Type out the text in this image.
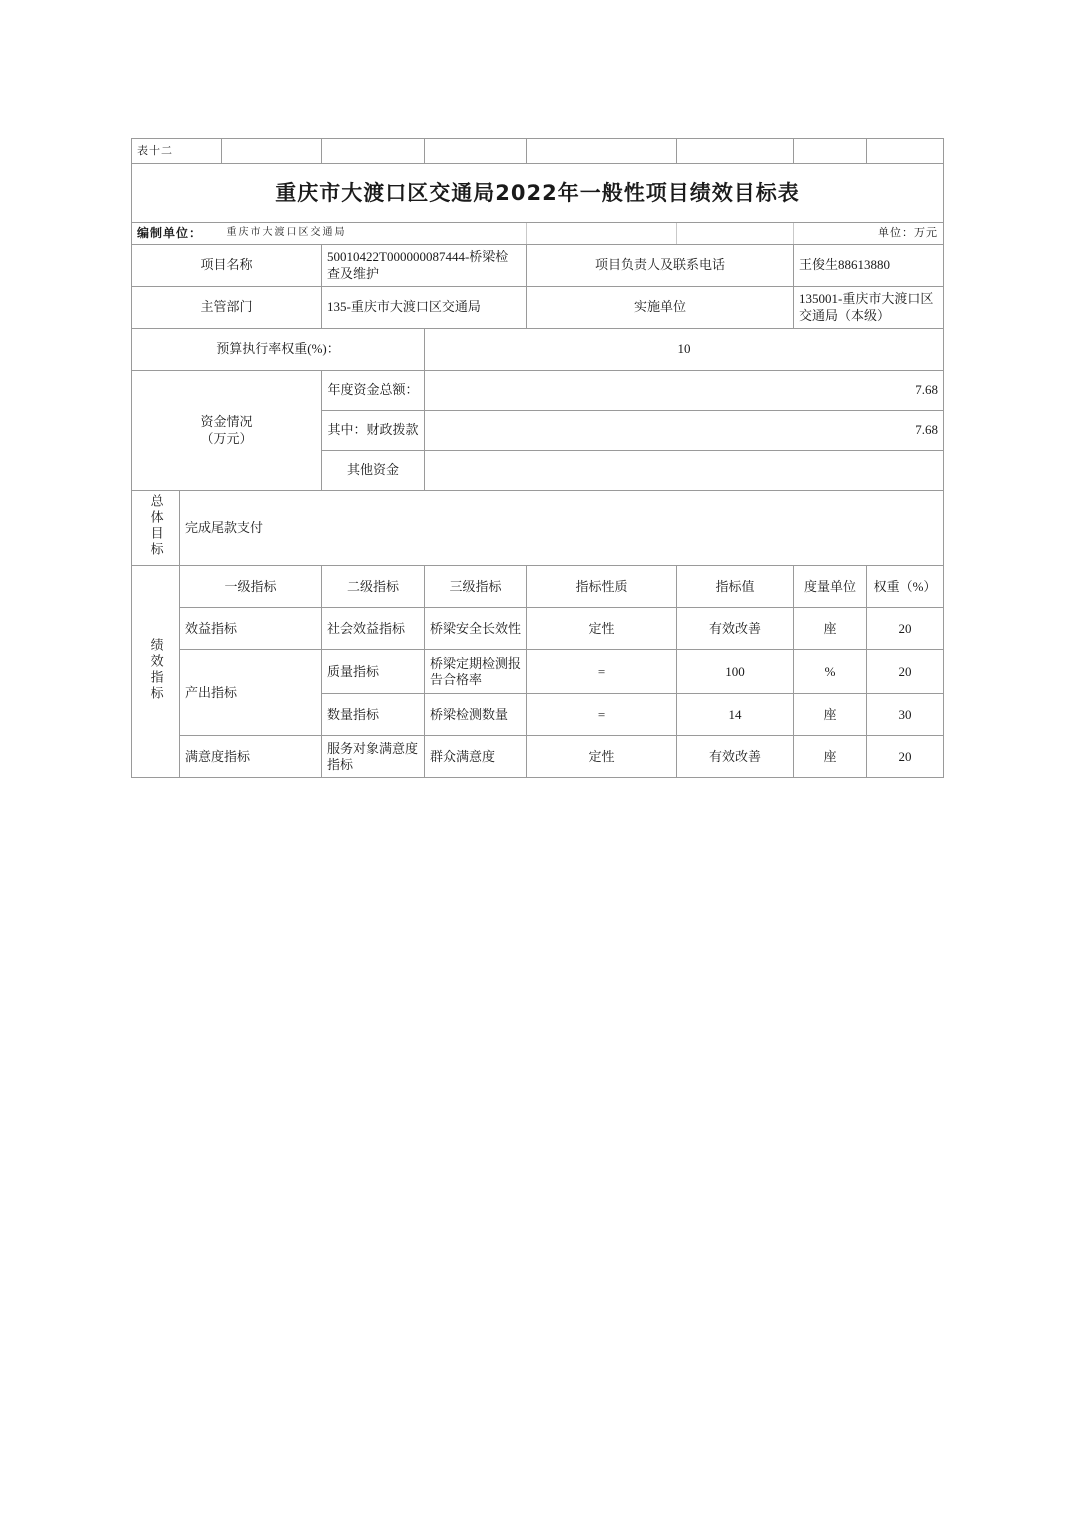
表十二								
重庆市大渡口区交通局2022年一般性项目绩效目标表								
编制单位：		重庆市大渡口区交通局					单位：万元	
项目名称			50010422T000000087444-桥梁检查及维护		项目负责人及联系电话		王俊生88613880	
主管部门			135-重庆市大渡口区交通局		实施单位		135001-重庆市大渡口区交通局（本级）	
预算执行率权重(%)：				10				

资金情况
（万元）			年度资金总额：	7.68				
			其中：财政拨款	7.68				
			其他资金					
总体目标	完成尾款支付							
绩效指标	一级指标		二级指标	三级指标	指标性质	指标值	度量单位	权重（%）
	效益指标		社会效益指标	桥梁安全长效性	定性	有效改善	座	20
	产出指标		质量指标	桥梁定期检测报告合格率	=	100	%	20
			数量指标	桥梁检测数量	=	14	座	30
	满意度指标		服务对象满意度指标	群众满意度	定性	有效改善	座	20
